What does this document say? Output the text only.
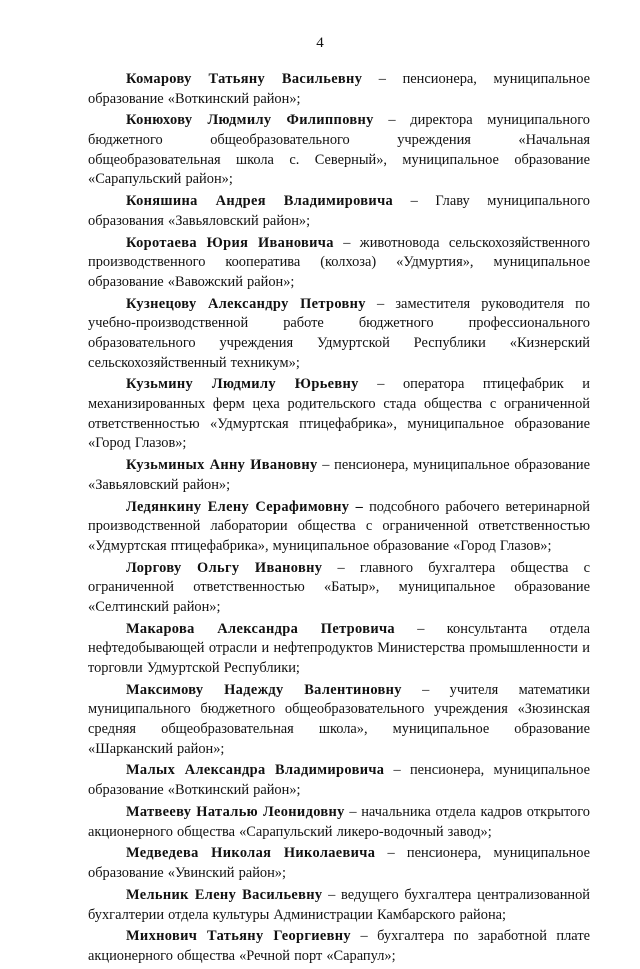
4

Комарову Татьяну Васильевну – пенсионера, муниципальное образование «Воткинский район»;

Конюхову Людмилу Филипповну – директора муниципального бюджетного общеобразовательного учреждения «Начальная общеобразовательная школа с. Северный», муниципальное образование «Сарапульский район»;

Коняшина Андрея Владимировича – Главу муниципального образования «Завьяловский район»;

Коротаева Юрия Ивановича – животновода сельскохозяйственного производственного кооператива (колхоза) «Удмуртия», муниципальное образование «Вавожский район»;

Кузнецову Александру Петровну – заместителя руководителя по учебно-производственной работе бюджетного профессионального образовательного учреждения Удмуртской Республики «Кизнерский сельскохозяйственный техникум»;

Кузьмину Людмилу Юрьевну – оператора птицефабрик и механизированных ферм цеха родительского стада общества с ограниченной ответственностью «Удмуртская птицефабрика», муниципальное образование «Город Глазов»;

Кузьминых Анну Ивановну – пенсионера, муниципальное образование «Завьяловский район»;

Ледянкину Елену Серафимовну – подсобного рабочего ветеринарной производственной лаборатории общества с ограниченной ответственностью «Удмуртская птицефабрика», муниципальное образование «Город Глазов»;

Лоргову Ольгу Ивановну – главного бухгалтера общества с ограниченной ответственностью «Батыр», муниципальное образование «Селтинский район»;

Макарова Александра Петровича – консультанта отдела нефтедобывающей отрасли и нефтепродуктов Министерства промышленности и торговли Удмуртской Республики;

Максимову Надежду Валентиновну – учителя математики муниципального бюджетного общеобразовательного учреждения «Зюзинская средняя общеобразовательная школа», муниципальное образование «Шарканский район»;

Малых Александра Владимировича – пенсионера, муниципальное образование «Воткинский район»;

Матвееву Наталью Леонидовну – начальника отдела кадров открытого акционерного общества «Сарапульский ликеро-водочный завод»;

Медведева Николая Николаевича – пенсионера, муниципальное образование «Увинский район»;

Мельник Елену Васильевну – ведущего бухгалтера централизованной бухгалтерии отдела культуры Администрации Камбарского района;

Михнович Татьяну Георгиевну – бухгалтера по заработной плате акционерного общества «Речной порт «Сарапул»;
